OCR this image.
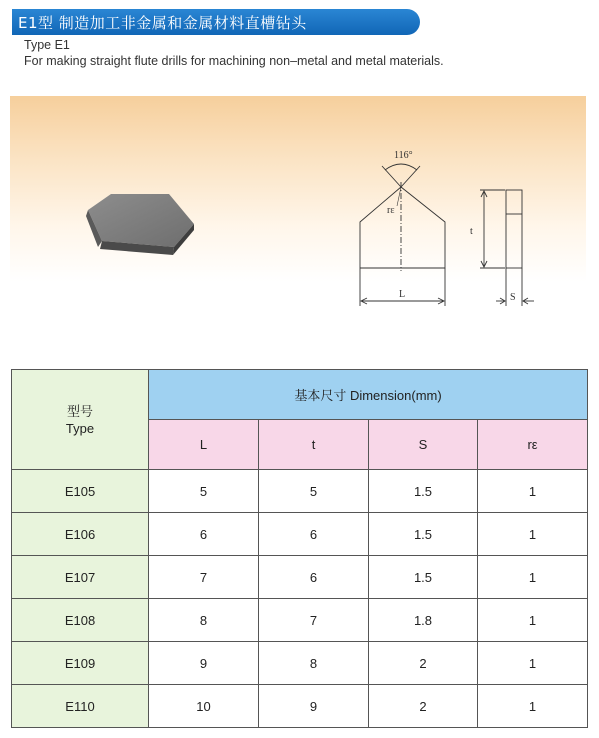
E1型 制造加工非金属和金属材料直槽钻头
Type E1
For making straight flute drills for machining non–metal and metal materials.
116°
rε
L
t
S
型号
Type	基本尺寸 Dimension(mm)			
	L	t	S	rε
E105	5	5	1.5	1
E106	6	6	1.5	1
E107	7	6	1.5	1
E108	8	7	1.8	1
E109	9	8	2	1
E110	10	9	2	1
